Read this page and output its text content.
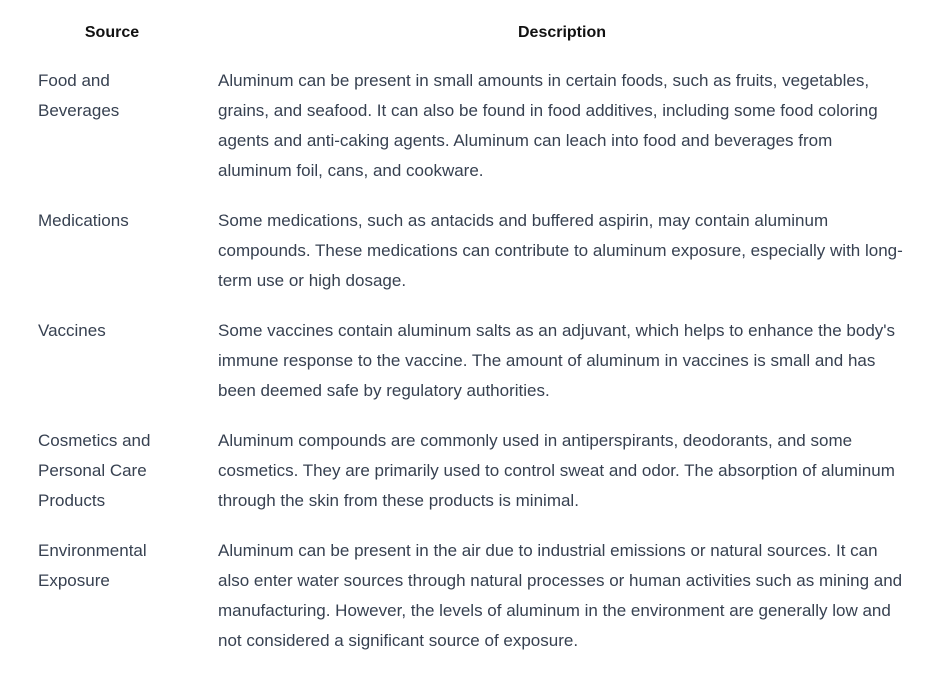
Source	Description
Food and Beverages	Aluminum can be present in small amounts in certain foods, such as fruits, vegetables, grains, and seafood. It can also be found in food additives, including some food coloring agents and anti-caking agents. Aluminum can leach into food and beverages from aluminum foil, cans, and cookware.
Medications	Some medications, such as antacids and buffered aspirin, may contain aluminum compounds. These medications can contribute to aluminum exposure, especially with long-term use or high dosage.
Vaccines	Some vaccines contain aluminum salts as an adjuvant, which helps to enhance the body's immune response to the vaccine. The amount of aluminum in vaccines is small and has been deemed safe by regulatory authorities.
Cosmetics and Personal Care Products	Aluminum compounds are commonly used in antiperspirants, deodorants, and some cosmetics. They are primarily used to control sweat and odor. The absorption of aluminum through the skin from these products is minimal.
Environmental Exposure	Aluminum can be present in the air due to industrial emissions or natural sources. It can also enter water sources through natural processes or human activities such as mining and manufacturing. However, the levels of aluminum in the environment are generally low and not considered a significant source of exposure.
